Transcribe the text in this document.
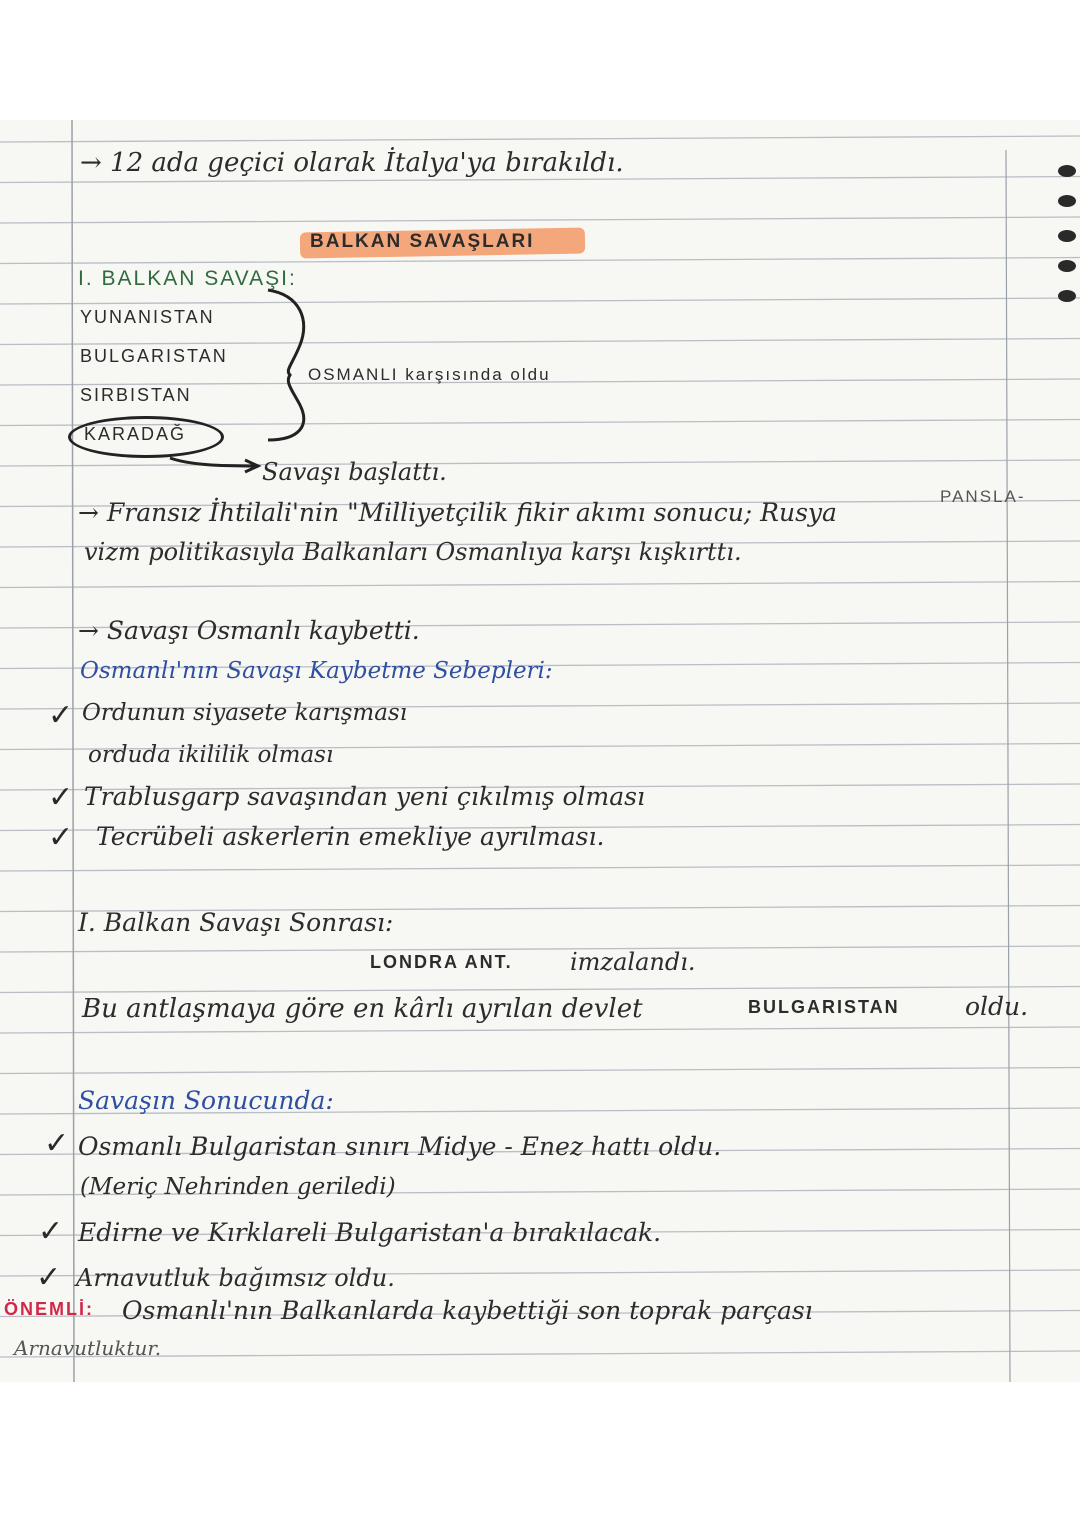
→ 12 ada geçici olarak İtalya'ya bırakıldı.
BALKAN SAVAŞLARI
I. BALKAN SAVAŞI:
YUNANISTAN
BULGARISTAN
SIRBISTAN
KARADAĞ
OSMANLI karşısında oldu
Savaşı başlattı.
→ Fransız İhtilali'nin "Milliyetçilik fikir akımı sonucu; Rusya
PANSLA-
vizm politikasıyla Balkanları Osmanlıya karşı kışkırttı.
→ Savaşı Osmanlı kaybetti.
Osmanlı'nın Savaşı Kaybetme Sebepleri:
✓ Ordunun siyasete karışması
orduda ikililik olması
✓ Trablusgarp savaşından yeni çıkılmış olması
✓ Tecrübeli askerlerin emekliye ayrılması.
I. Balkan Savaşı Sonrası:
LONDRA ANT. imzalandı.
Bu antlaşmaya göre en kârlı ayrılan devlet	BULGARISTAN	oldu.
Savaşın Sonucunda:
✓ Osmanlı Bulgaristan sınırı Midye - Enez hattı oldu.
(Meriç Nehrinden geriledi)
✓ Edirne ve Kırklareli Bulgaristan'a bırakılacak.
✓ Arnavutluk bağımsız oldu.
ÖNEMLİ: Osmanlı'nın Balkanlarda kaybettiği son toprak parçası
Arnavutluktur.
